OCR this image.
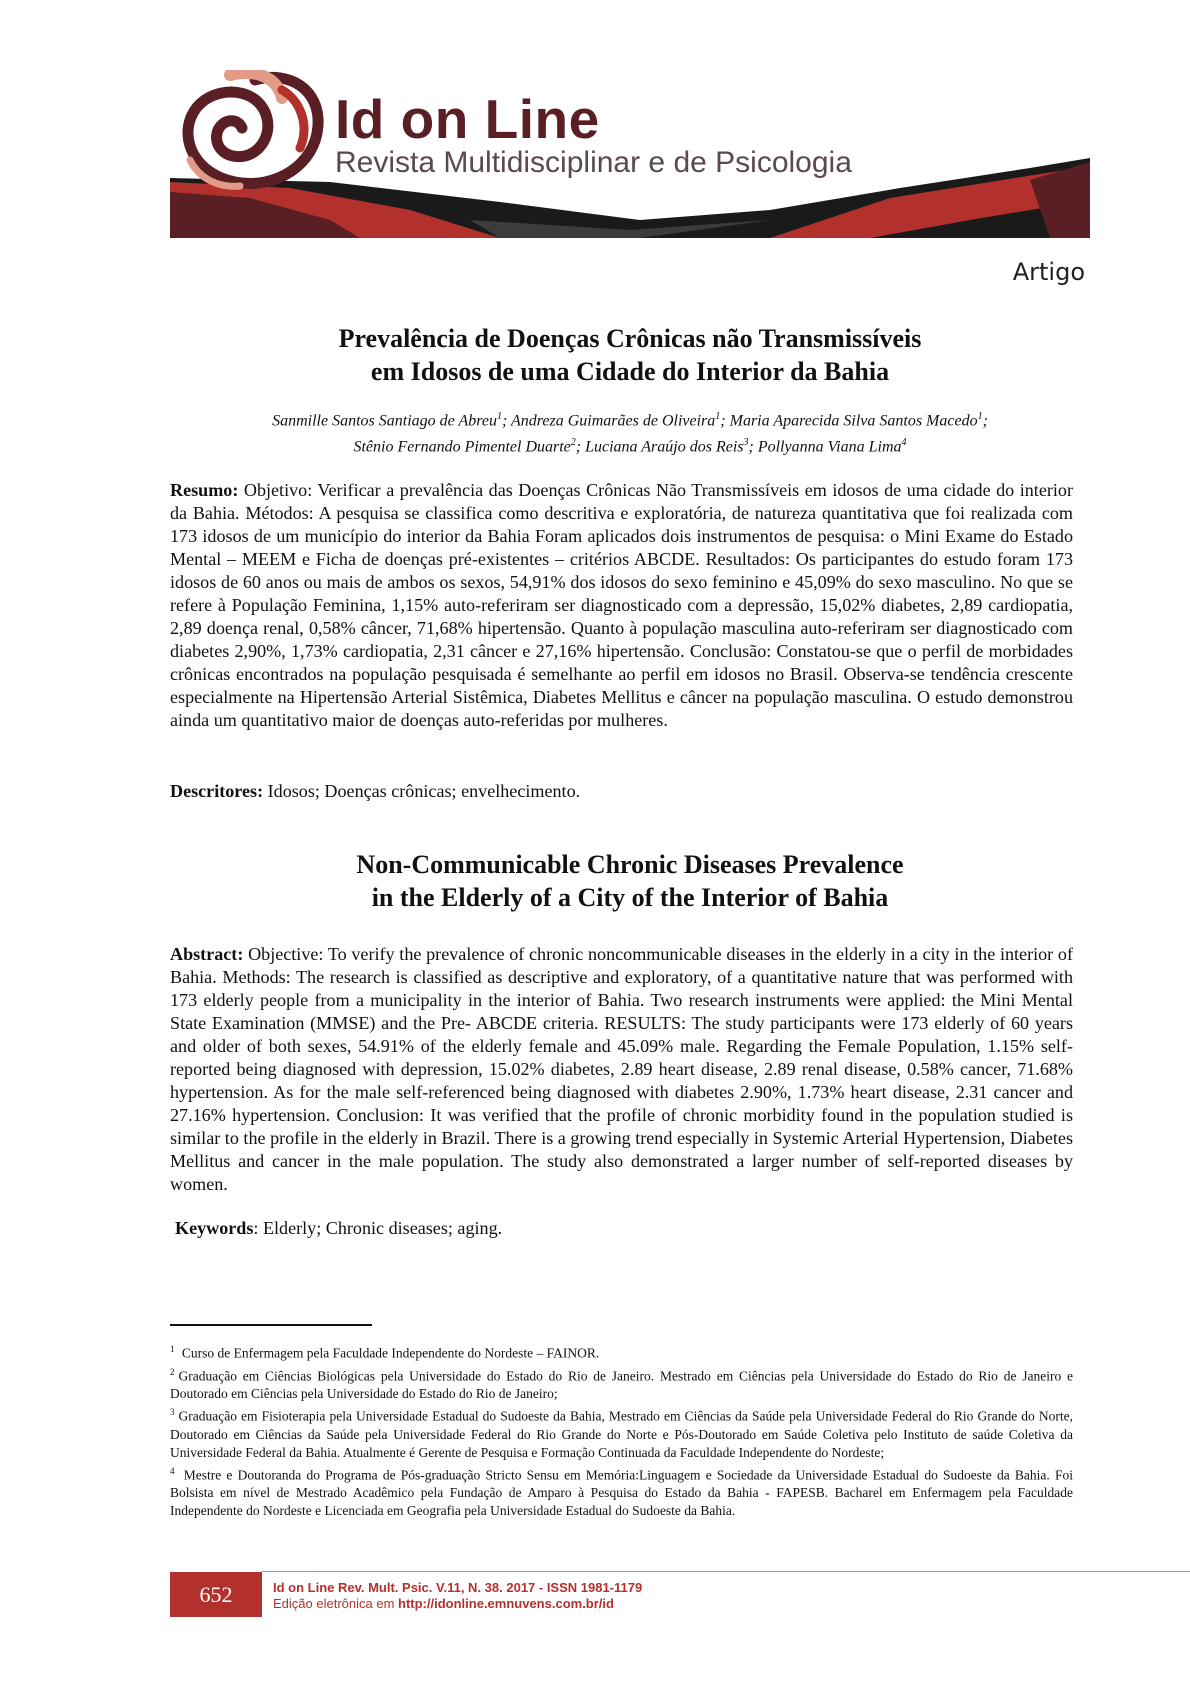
Id on Line
Revista Multidisciplinar e de Psicologia
Artigo
Prevalência de Doenças Crônicas não Transmissíveis
em Idosos de uma Cidade do Interior da Bahia
Sanmille Santos Santiago de Abreu$^1$; Andreza Guimarães de Oliveira$^1$; Maria Aparecida Silva Santos Macedo$^1$;
Stênio Fernando Pimentel Duarte$^2$; Luciana Araújo dos Reis$^3$; Pollyanna Viana Lima$^4$
Resumo: Objetivo: Verificar a prevalência das Doenças Crônicas Não Transmissíveis em idosos de uma cidade do interior da Bahia. Métodos: A pesquisa se classifica como descritiva e exploratória, de natureza quantitativa que foi realizada com 173 idosos de um município do interior da Bahia Foram aplicados dois instrumentos de pesquisa: o Mini Exame do Estado Mental – MEEM e Ficha de doenças pré-existentes – critérios ABCDE. Resultados: Os participantes do estudo foram 173 idosos de 60 anos ou mais de ambos os sexos, 54,91% dos idosos do sexo feminino e 45,09% do sexo masculino. No que se refere à População Feminina, 1,15% auto-referiram ser diagnosticado com a depressão, 15,02% diabetes, 2,89 cardiopatia, 2,89 doença renal, 0,58% câncer, 71,68% hipertensão. Quanto à população masculina auto-referiram ser diagnosticado com diabetes 2,90%, 1,73% cardiopatia, 2,31 câncer e 27,16% hipertensão. Conclusão: Constatou-se que o perfil de morbidades crônicas encontrados na população pesquisada é semelhante ao perfil em idosos no Brasil. Observa-se tendência crescente especialmente na Hipertensão Arterial Sistêmica, Diabetes Mellitus e câncer na população masculina. O estudo demonstrou ainda um quantitativo maior de doenças auto-referidas por mulheres.
Descritores: Idosos; Doenças crônicas; envelhecimento.
Non-Communicable Chronic Diseases Prevalence
in the Elderly of a City of the Interior of Bahia
Abstract: Objective: To verify the prevalence of chronic noncommunicable diseases in the elderly in a city in the interior of Bahia. Methods: The research is classified as descriptive and exploratory, of a quantitative nature that was performed with 173 elderly people from a municipality in the interior of Bahia. Two research instruments were applied: the Mini Mental State Examination (MMSE) and the Pre- ABCDE criteria. RESULTS: The study participants were 173 elderly of 60 years and older of both sexes, 54.91% of the elderly female and 45.09% male. Regarding the Female Population, 1.15% self-reported being diagnosed with depression, 15.02% diabetes, 2.89 heart disease, 2.89 renal disease, 0.58% cancer, 71.68% hypertension. As for the male self-referenced being diagnosed with diabetes 2.90%, 1.73% heart disease, 2.31 cancer and 27.16% hypertension. Conclusion: It was verified that the profile of chronic morbidity found in the population studied is similar to the profile in the elderly in Brazil. There is a growing trend especially in Systemic Arterial Hypertension, Diabetes Mellitus and cancer in the male population. The study also demonstrated a larger number of self-reported diseases by women.
Keywords: Elderly; Chronic diseases; aging.

$^1$ Curso de Enfermagem pela Faculdade Independente do Nordeste – FAINOR.

$^2$ Graduação em Ciências Biológicas pela Universidade do Estado do Rio de Janeiro. Mestrado em Ciências pela Universidade do Estado do Rio de Janeiro e Doutorado em Ciências pela Universidade do Estado do Rio de Janeiro;

$^3$ Graduação em Fisioterapia pela Universidade Estadual do Sudoeste da Bahia, Mestrado em Ciências da Saúde pela Universidade Federal do Rio Grande do Norte, Doutorado em Ciências da Saúde pela Universidade Federal do Rio Grande do Norte e Pós-Doutorado em Saúde Coletiva pelo Instituto de saúde Coletiva da Universidade Federal da Bahia. Atualmente é Gerente de Pesquisa e Formação Continuada da Faculdade Independente do Nordeste;

$^4$ Mestre e Doutoranda do Programa de Pós-graduação Stricto Sensu em Memória:Linguagem e Sociedade da Universidade Estadual do Sudoeste da Bahia. Foi Bolsista em nível de Mestrado Acadêmico pela Fundação de Amparo à Pesquisa do Estado da Bahia - FAPESB. Bacharel em Enfermagem pela Faculdade Independente do Nordeste e Licenciada em Geografia pela Universidade Estadual do Sudoeste da Bahia.

652	Id on Line Rev. Mult. Psic. V.11, N. 38. 2017 - ISSN 1981-1179
Edição eletrônica em http://idonline.emnuvens.com.br/id
